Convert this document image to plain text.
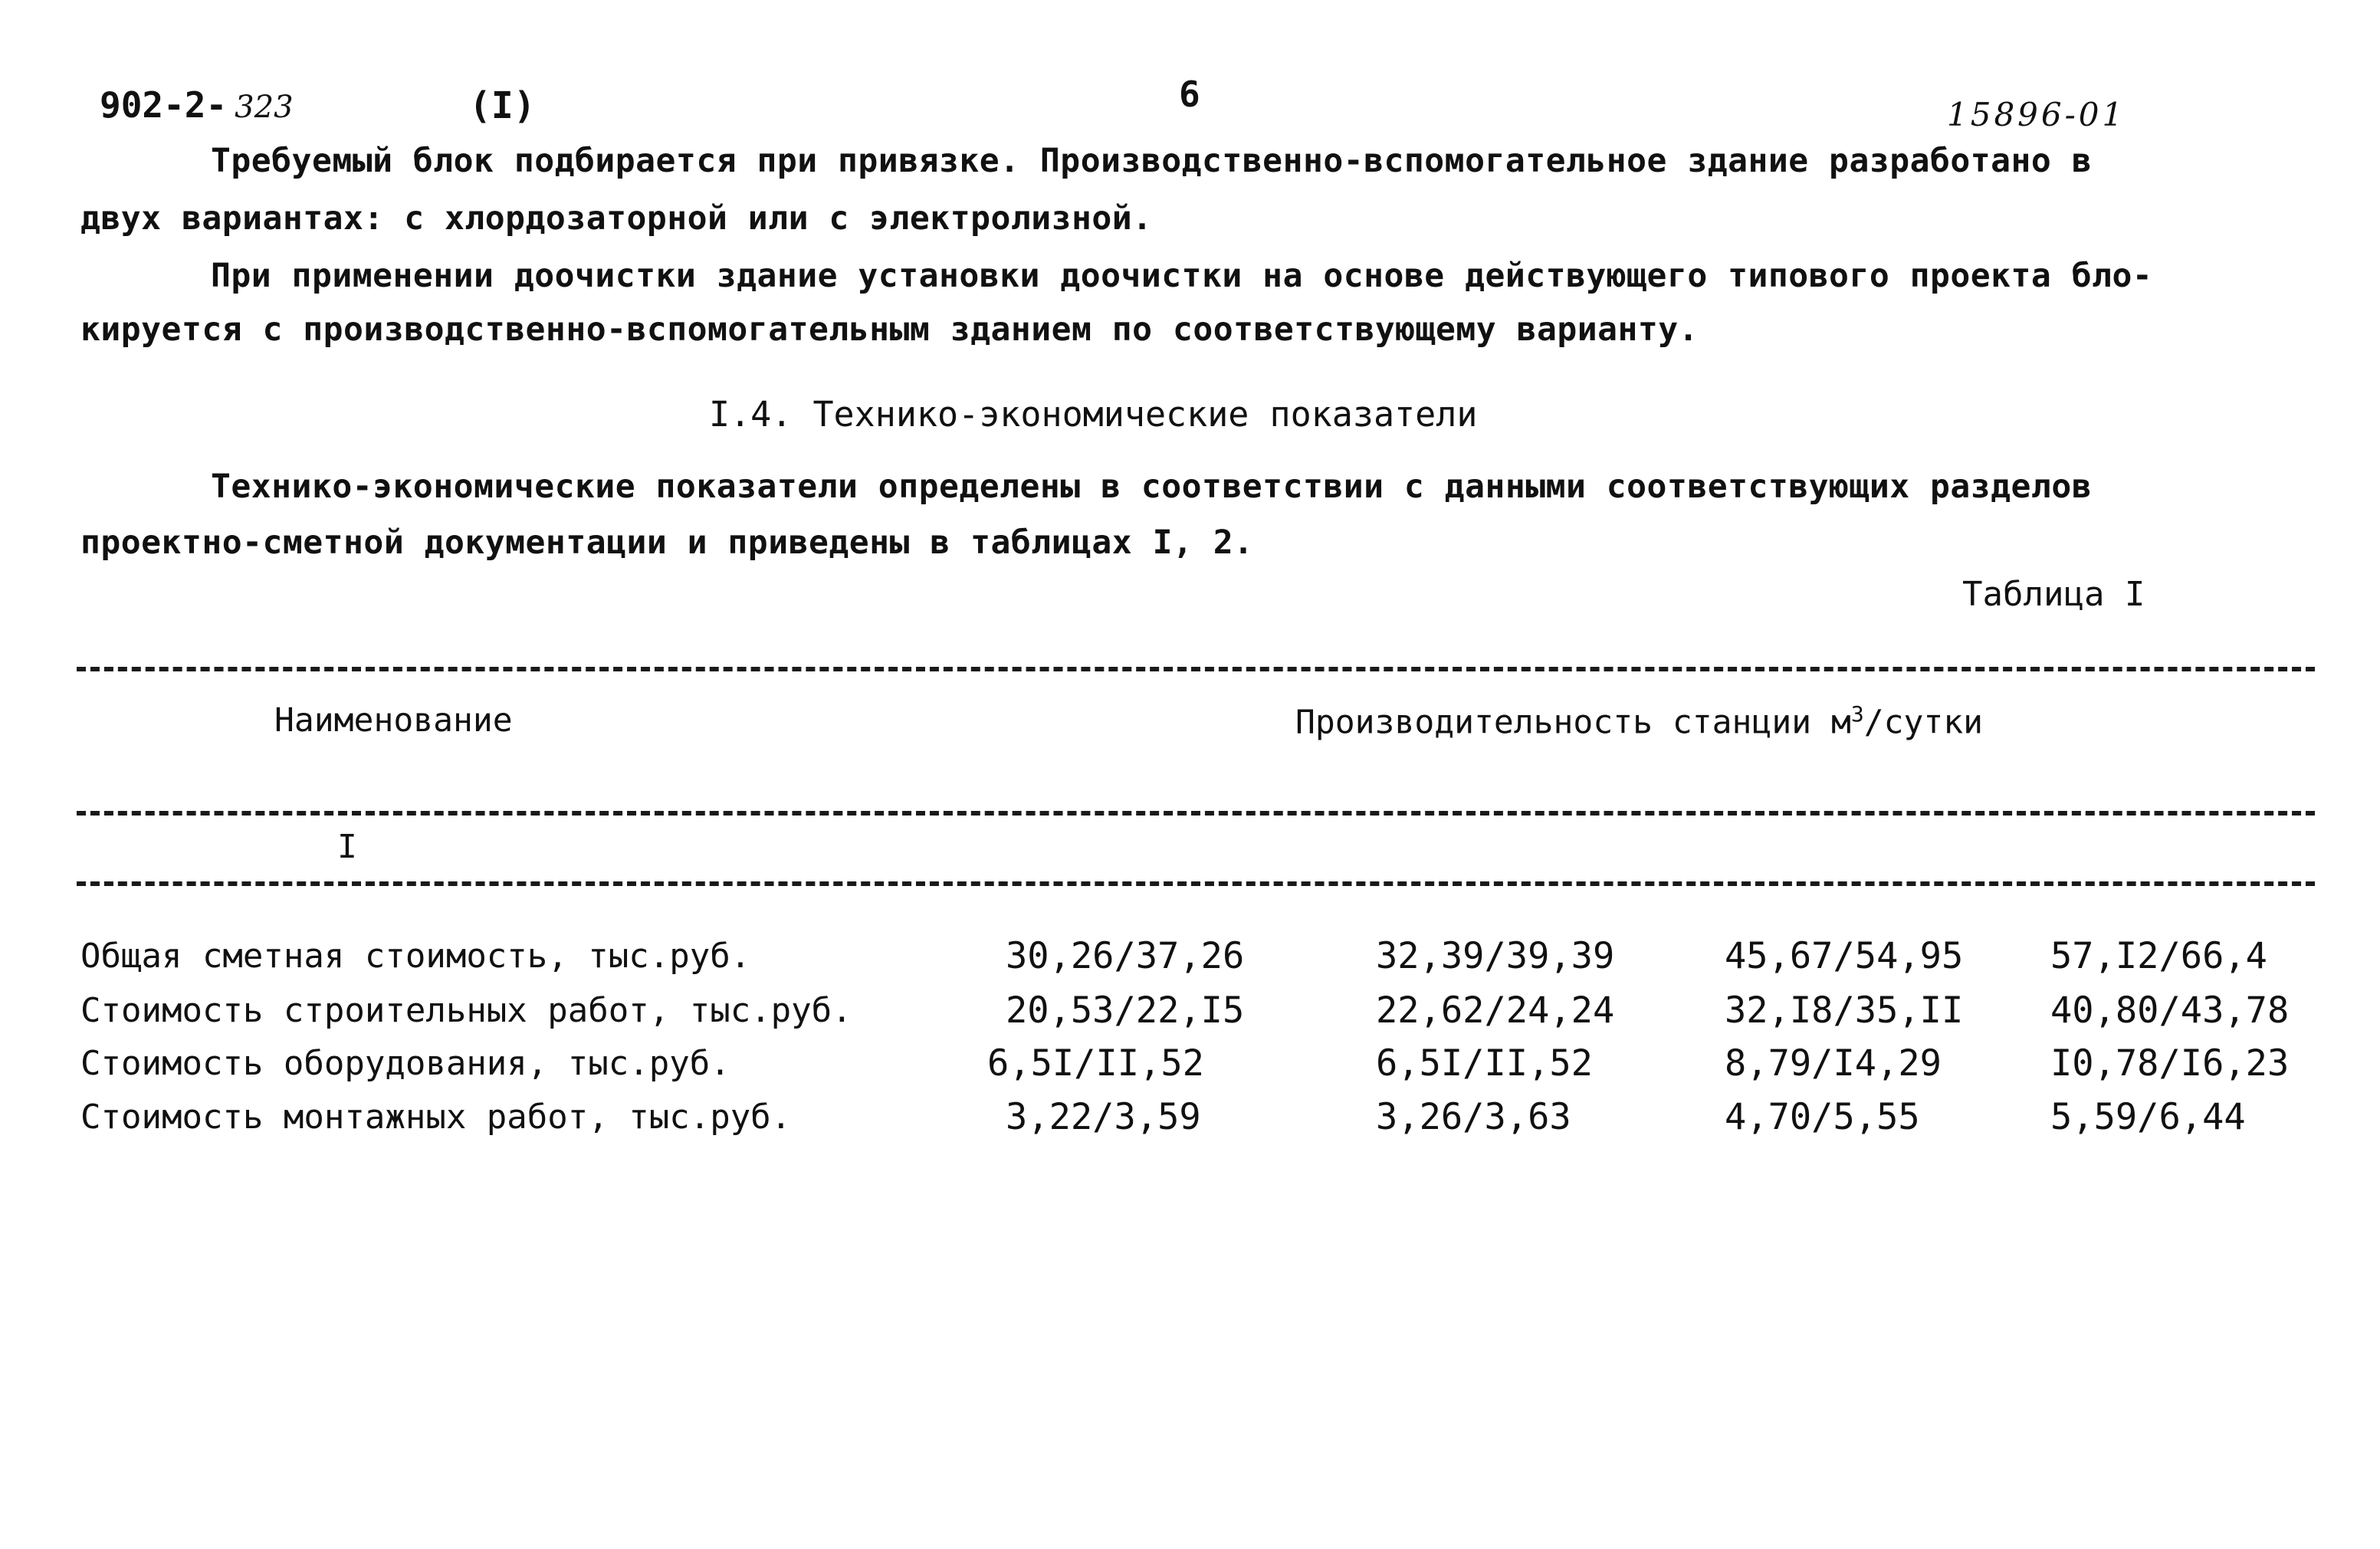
902-2- 323	(I)	6	15896-01
Требуемый блок подбирается при привязке. Производственно-вспомогательное здание разработано в
двух вариантах: с хлордозаторной или с электролизной.
При применении доочистки здание установки доочистки на основе действующего типового проекта бло-
кируется с производственно-вспомогательным зданием по соответствующему варианту.
I.4. Технико-экономические показатели
Технико-экономические показатели определены в соответствии с данными соответствующих разделов
проектно-сметной документации и приведены в таблицах I, 2.
Таблица I
Наименование	Производительность станции $м^3$/сутки
I
Общая сметная стоимость, тыс.руб.	30,26/37,26	32,39/39,39	45,67/54,95 57,I2/66,4
Стоимость строительных работ, тыс.руб.	20,53/22,I5	22,62/24,24	32,I8/35,II 40,80/43,78
Стоимость оборудования, тыс.руб.	6,5I/II,52	6,5I/II,52	8,79/I4,29	I0,78/I6,23
Стоимость монтажных работ, тыс.руб.	3,22/3,59	3,26/3,63	4,70/5,55	5,59/6,44
